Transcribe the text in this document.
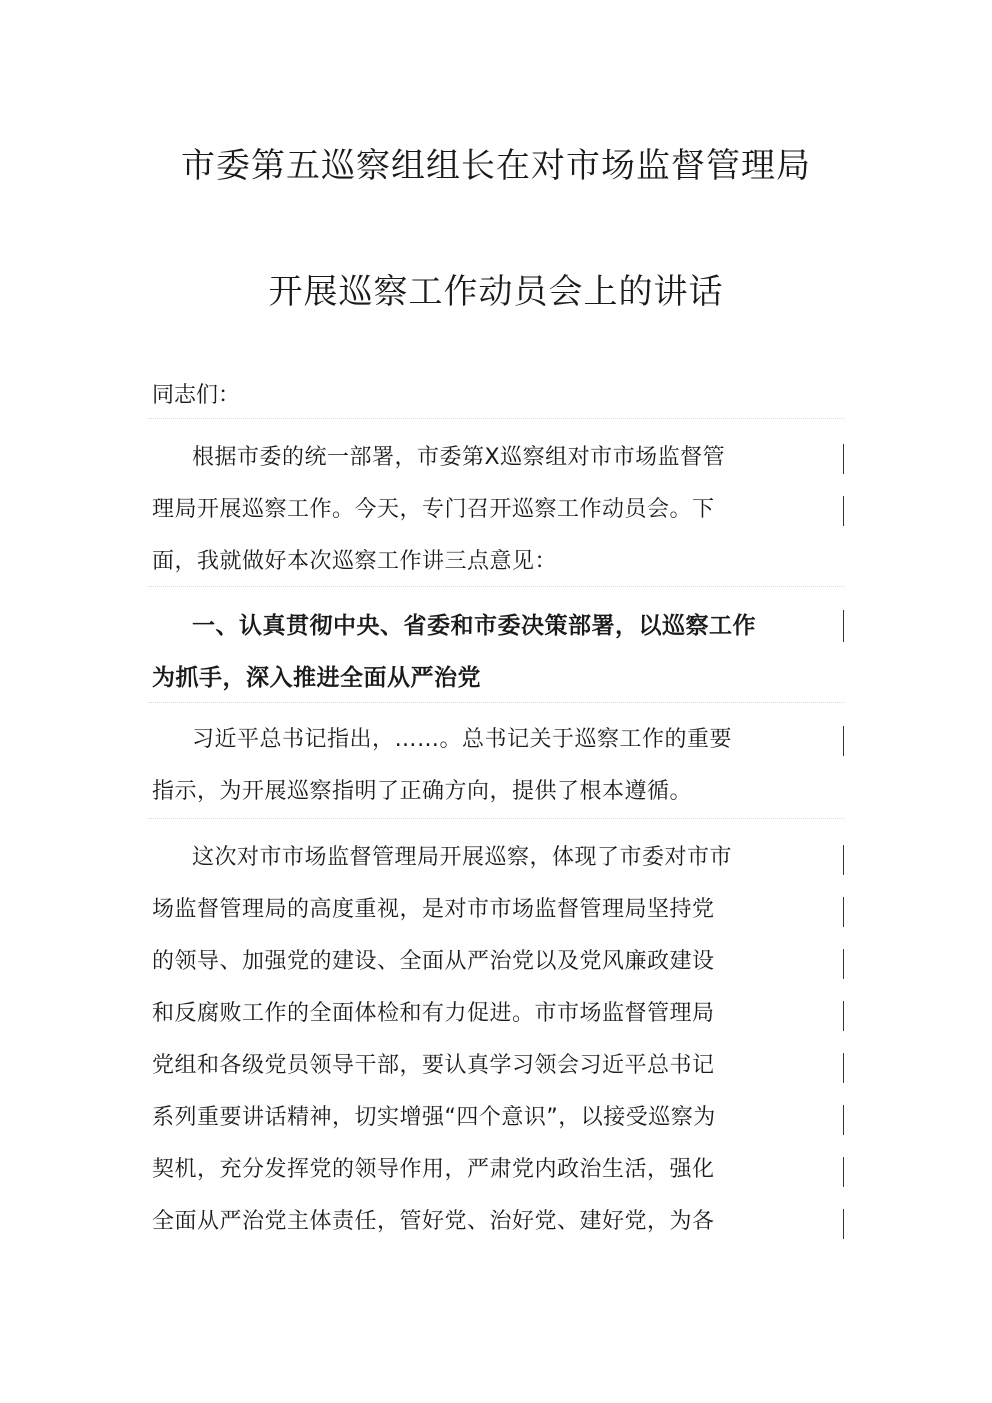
市委第五巡察组组长在对市场监督管理局
开展巡察工作动员会上的讲话
同志们：
根据市委的统一部署，市委第Ⅹ巡察组对市市场监督管
理局开展巡察工作。今天，专门召开巡察工作动员会。下
面，我就做好本次巡察工作讲三点意见：
一、认真贯彻中央、省委和市委决策部署，以巡察工作
为抓手，深入推进全面从严治党
习近平总书记指出，……。总书记关于巡察工作的重要
指示，为开展巡察指明了正确方向，提供了根本遵循。
这次对市市场监督管理局开展巡察，体现了市委对市市
场监督管理局的高度重视，是对市市场监督管理局坚持党
的领导、加强党的建设、全面从严治党以及党风廉政建设
和反腐败工作的全面体检和有力促进。市市场监督管理局
党组和各级党员领导干部，要认真学习领会习近平总书记
系列重要讲话精神，切实增强“四个意识”，以接受巡察为
契机，充分发挥党的领导作用，严肃党内政治生活，强化
全面从严治党主体责任，管好党、治好党、建好党，为各
